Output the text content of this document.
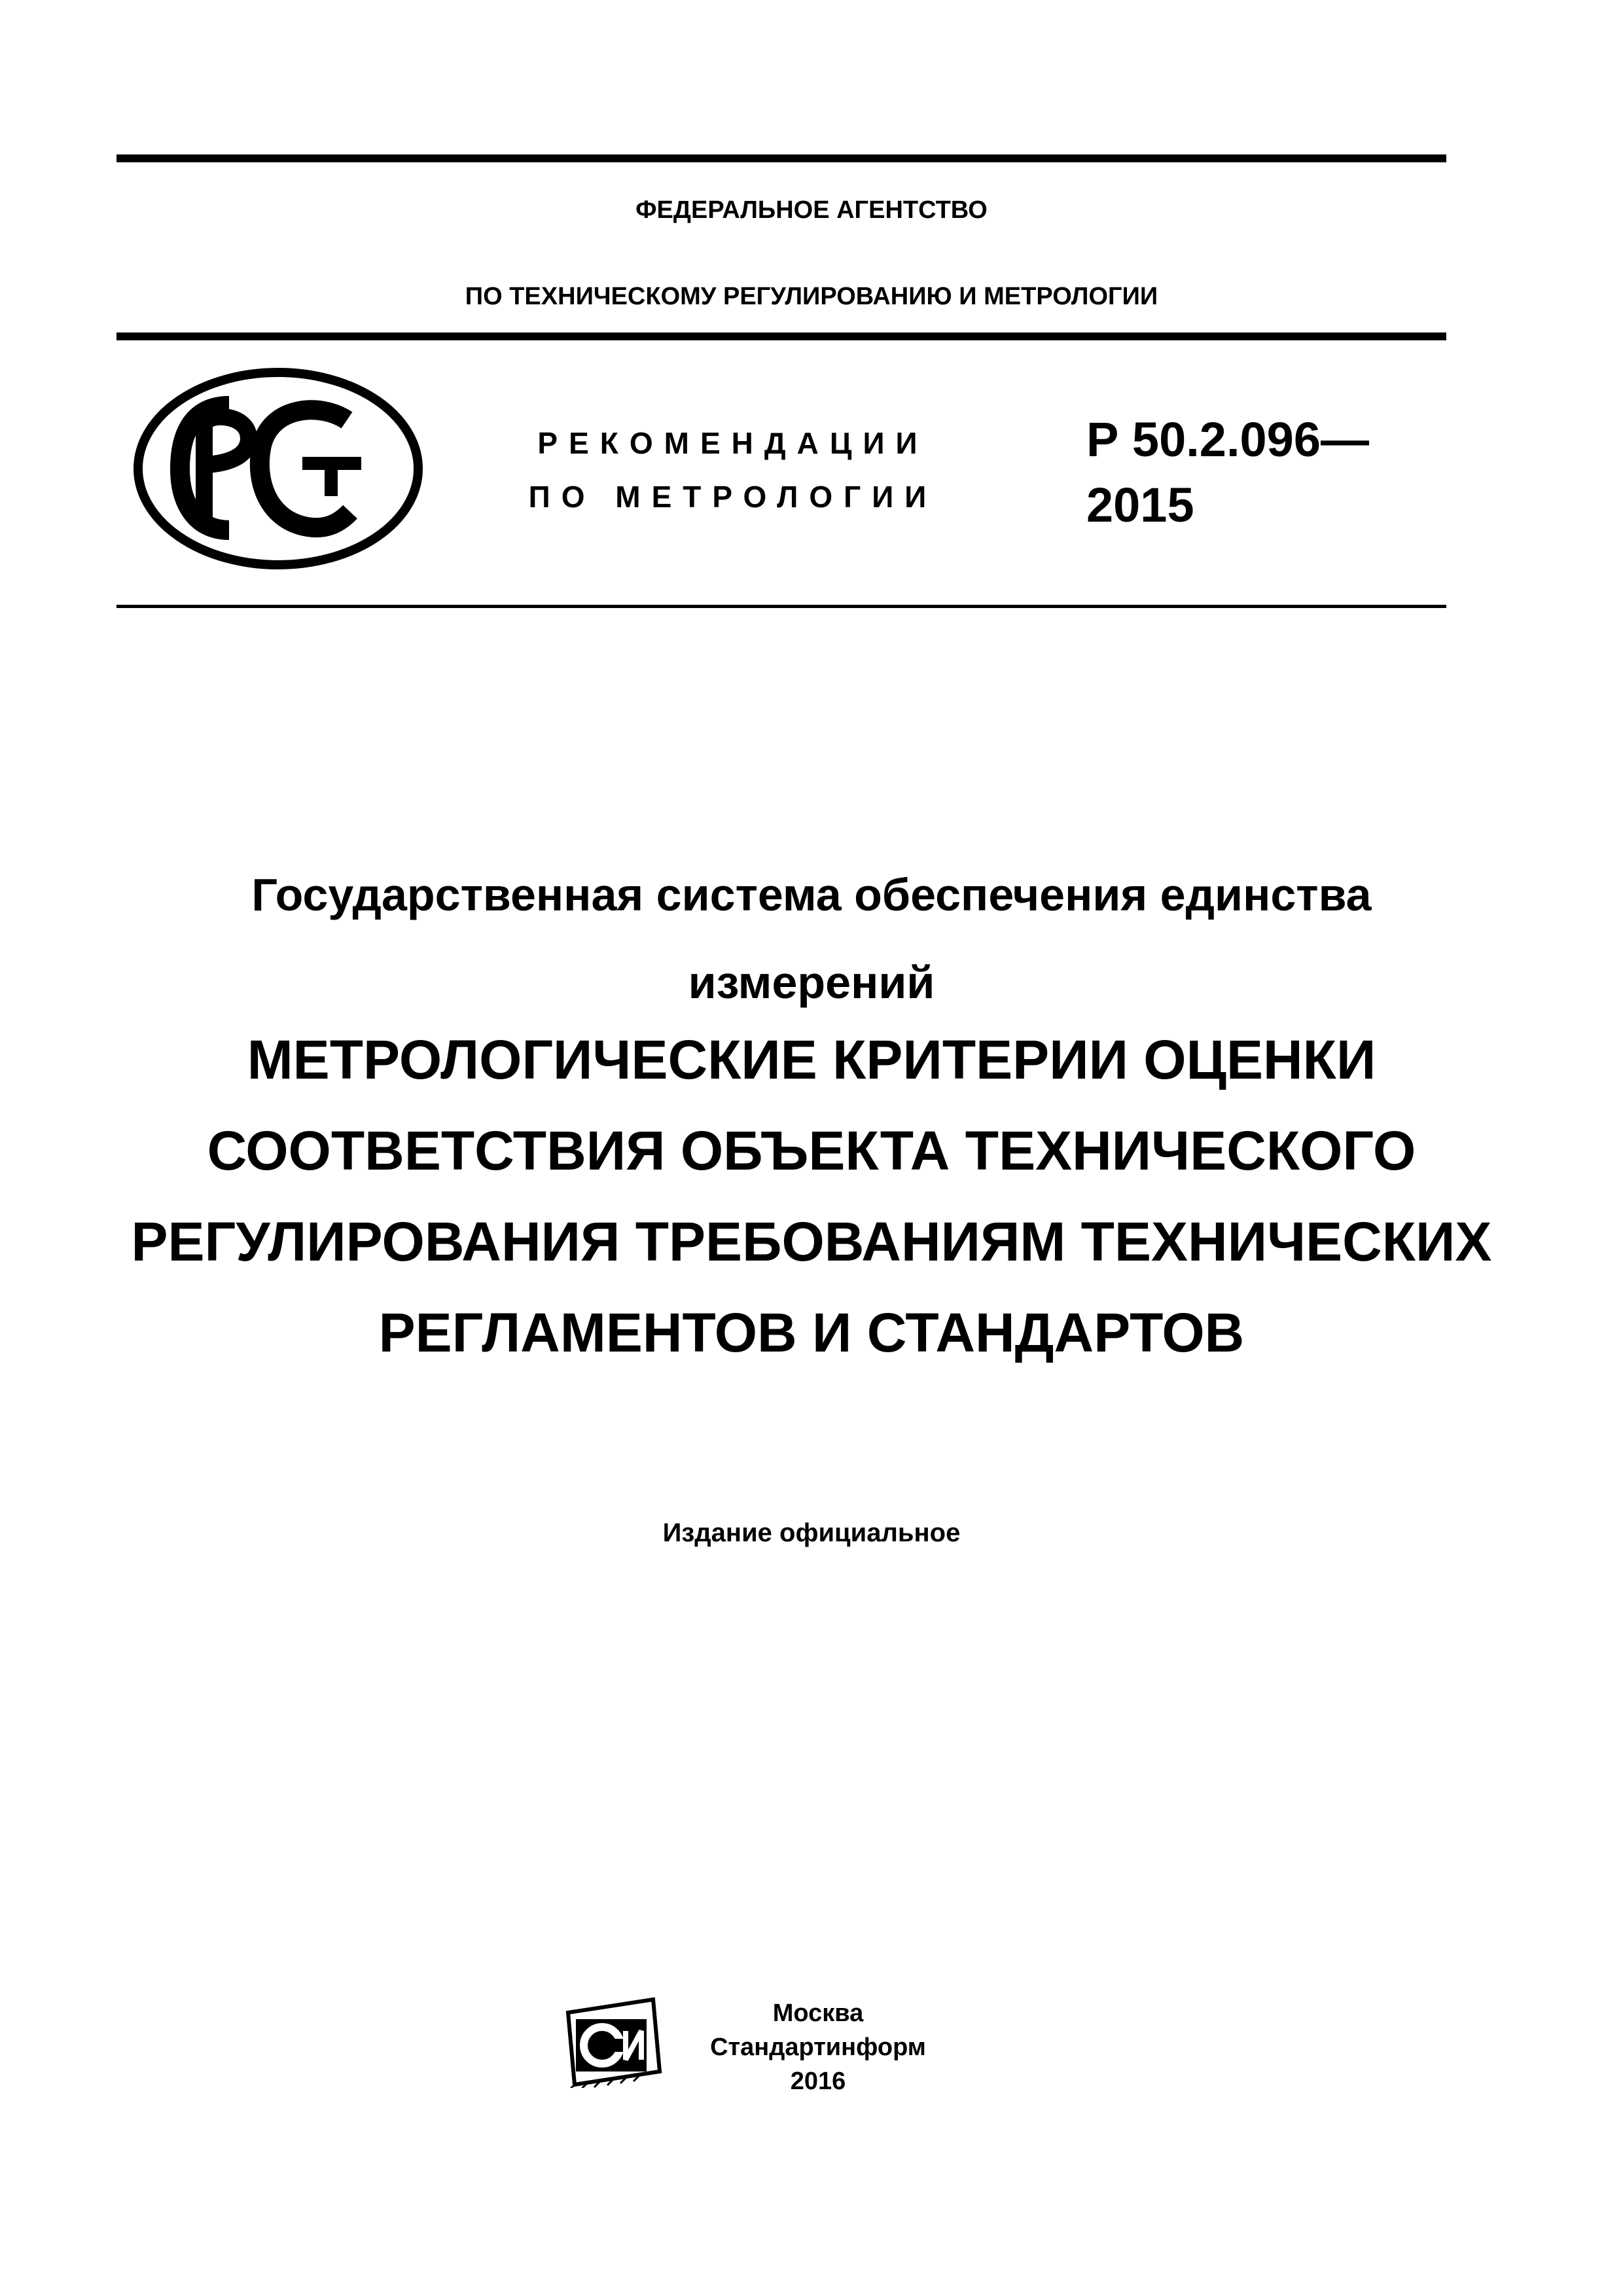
ФЕДЕРАЛЬНОЕ АГЕНТСТВО
ПО ТЕХНИЧЕСКОМУ РЕГУЛИРОВАНИЮ И МЕТРОЛОГИИ
РЕКОМЕНДАЦИИ
ПО МЕТРОЛОГИИ
Р 50.2.096—
2015
Государственная система обеспечения единства
измерений
МЕТРОЛОГИЧЕСКИЕ КРИТЕРИИ ОЦЕНКИ
СООТВЕТСТВИЯ ОБЪЕКТА ТЕХНИЧЕСКОГО
РЕГУЛИРОВАНИЯ ТРЕБОВАНИЯМ ТЕХНИЧЕСКИХ
РЕГЛАМЕНТОВ И СТАНДАРТОВ
Издание официальное
Москва
Стандартинформ
2016
